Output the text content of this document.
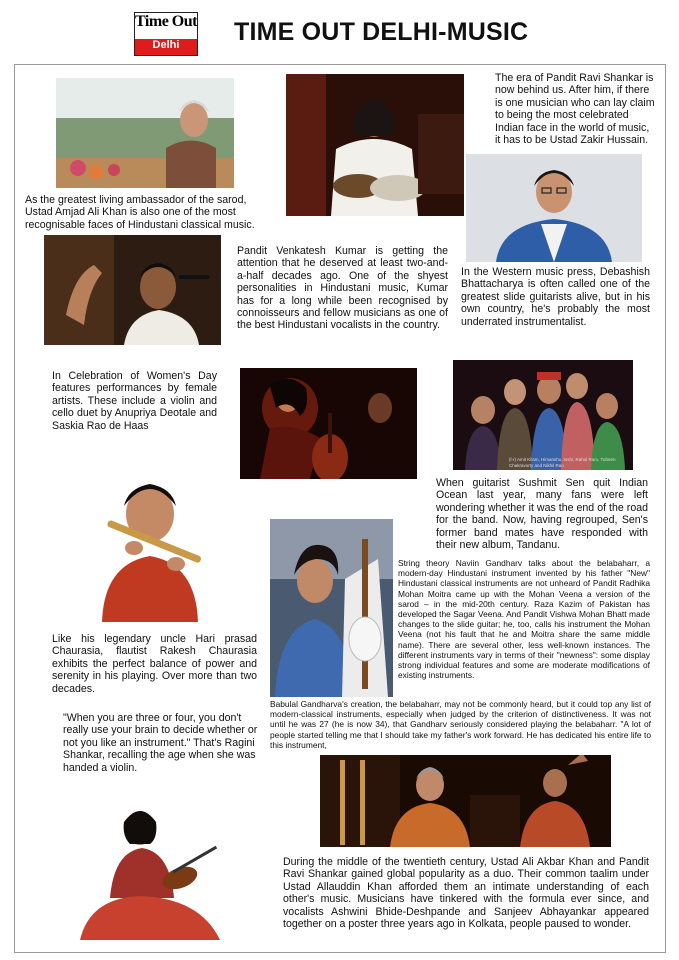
Time Out
Delhi	TIME OUT DELHI-MUSIC
The era of Pandit Ravi Shankar is now behind us. After him, if there is one musician who can lay claim to being the most celebrated Indian face in the world of music, it has to be Ustad Zakir Hussain.
As the greatest living ambassador of the sarod, Ustad Amjad Ali Khan is also one of the most recognisable faces of Hindustani classical music.
Pandit Venkatesh Kumar is getting the attention that he deserved at least two-and-a-half decades ago. One of the shyest personalities in Hindustani music, Kumar has for a long while been recognised by connoisseurs and fellow musicians as one of the best Hindustani vocalists in the country.
In the Western music press, Debashish Bhattacharya is often called one of the greatest slide guitarists alive, but in his own country, he's probably the most underrated instrumentalist.
In Celebration of Women's Day features performances by female artists. These include a violin and cello duet by Anupriya Deotale and Saskia Rao de Haas
(l-r) Amit Kilam, Himanshu Joshi, Rahul Ram, Tuheen Chakravorty and Nikhil Rao
When guitarist Sushmit Sen quit Indian Ocean last year, many fans were left wondering whether it was the end of the road for the band. Now, having regrouped, Sen's former band mates have responded with their new album, Tandanu.
String theory Naviin Gandharv talks about the belabaharr, a modern-day Hindustani instrument invented by his father "New" Hindustani classical instruments are not unheard of Pandit Radhika Mohan Moitra came up with the Mohan Veena a version of the sarod – in the mid-20th century. Raza Kazim of Pakistan has developed the Sagar Veena. And Pandit Vishwa Mohan Bhatt made changes to the slide guitar; he, too, calls his instrument the Mohan Veena (not his fault that he and Moitra share the same middle name). There are several other, less well-known instances. The different instruments vary in terms of their "newness": some display strong individual features and some are moderate modifications of existing instruments.
Babulal Gandharva's creation, the belabaharr, may not be commonly heard, but it could top any list of modern-classical instruments, especially when judged by the criterion of distinctiveness. It was not until he was 27 (he is now 34), that Gandharv seriously considered playing the belabaharr. "A lot of people started telling me that I should take my father's work forward. He has dedicated his entire life to this instrument,
Like his legendary uncle Hari prasad Chaurasia, flautist Rakesh Chaurasia exhibits the perfect balance of power and serenity in his playing. Over more than two decades.
"When you are three or four, you don't really use your brain to decide whether or not you like an instrument." That's Ragini Shankar, recalling the age when she was handed a violin.
During the middle of the twentieth century, Ustad Ali Akbar Khan and Pandit Ravi Shankar gained global popularity as a duo. Their common taalim under Ustad Allauddin Khan afforded them an intimate understanding of each other's music. Musicians have tinkered with the formula ever since, and vocalists Ashwini Bhide-Deshpande and Sanjeev Abhayankar appeared together on a poster three years ago in Kolkata, people paused to wonder.
